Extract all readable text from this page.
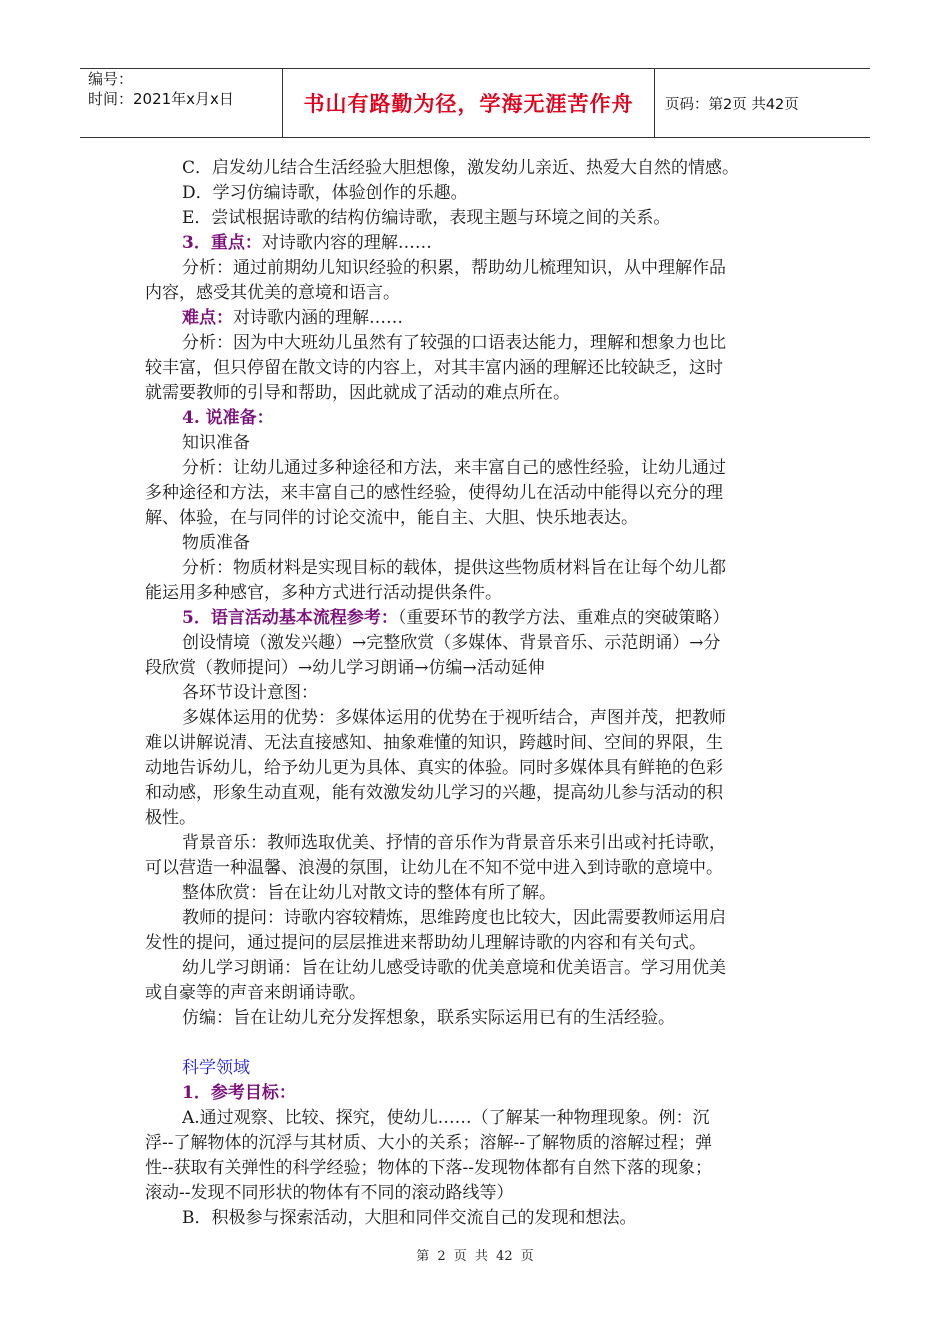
编号：
时间：2021年x月x日	书山有路勤为径，学海无涯苦作舟	页码：第2页 共42页
C．启发幼儿结合生活经验大胆想像，激发幼儿亲近、热爱大自然的情感。
D．学习仿编诗歌，体验创作的乐趣。
E．尝试根据诗歌的结构仿编诗歌，表现主题与环境之间的关系。
3．重点：对诗歌内容的理解……
分析：通过前期幼儿知识经验的积累，帮助幼儿梳理知识，从中理解作品
内容，感受其优美的意境和语言。
难点：对诗歌内涵的理解……
分析：因为中大班幼儿虽然有了较强的口语表达能力，理解和想象力也比
较丰富，但只停留在散文诗的内容上，对其丰富内涵的理解还比较缺乏，这时
就需要教师的引导和帮助，因此就成了活动的难点所在。
4. 说准备：
知识准备
分析：让幼儿通过多种途径和方法，来丰富自己的感性经验，让幼儿通过
多种途径和方法，来丰富自己的感性经验，使得幼儿在活动中能得以充分的理
解、体验，在与同伴的讨论交流中，能自主、大胆、快乐地表达。
物质准备
分析：物质材料是实现目标的载体，提供这些物质材料旨在让每个幼儿都
能运用多种感官，多种方式进行活动提供条件。
5．语言活动基本流程参考：（重要环节的教学方法、重难点的突破策略）
创设情境（激发兴趣）→完整欣赏（多媒体、背景音乐、示范朗诵）→分
段欣赏（教师提问）→幼儿学习朗诵→仿编→活动延伸
各环节设计意图：
多媒体运用的优势：多媒体运用的优势在于视听结合，声图并茂，把教师
难以讲解说清、无法直接感知、抽象难懂的知识，跨越时间、空间的界限，生
动地告诉幼儿，给予幼儿更为具体、真实的体验。同时多媒体具有鲜艳的色彩
和动感，形象生动直观，能有效激发幼儿学习的兴趣，提高幼儿参与活动的积
极性。
背景音乐：教师选取优美、抒情的音乐作为背景音乐来引出或衬托诗歌，
可以营造一种温馨、浪漫的氛围，让幼儿在不知不觉中进入到诗歌的意境中。
整体欣赏：旨在让幼儿对散文诗的整体有所了解。
教师的提问：诗歌内容较精炼，思维跨度也比较大，因此需要教师运用启
发性的提问，通过提问的层层推进来帮助幼儿理解诗歌的内容和有关句式。
幼儿学习朗诵：旨在让幼儿感受诗歌的优美意境和优美语言。学习用优美
或自豪等的声音来朗诵诗歌。
仿编：旨在让幼儿充分发挥想象，联系实际运用已有的生活经验。
科学领域
1．参考目标：
A.通过观察、比较、探究，使幼儿……（了解某一种物理现象。例：沉
浮--了解物体的沉浮与其材质、大小的关系；溶解--了解物质的溶解过程；弹
性--获取有关弹性的科学经验；物体的下落--发现物体都有自然下落的现象；
滚动--发现不同形状的物体有不同的滚动路线等）
B．积极参与探索活动，大胆和同伴交流自己的发现和想法。
第 2 页 共 42 页
